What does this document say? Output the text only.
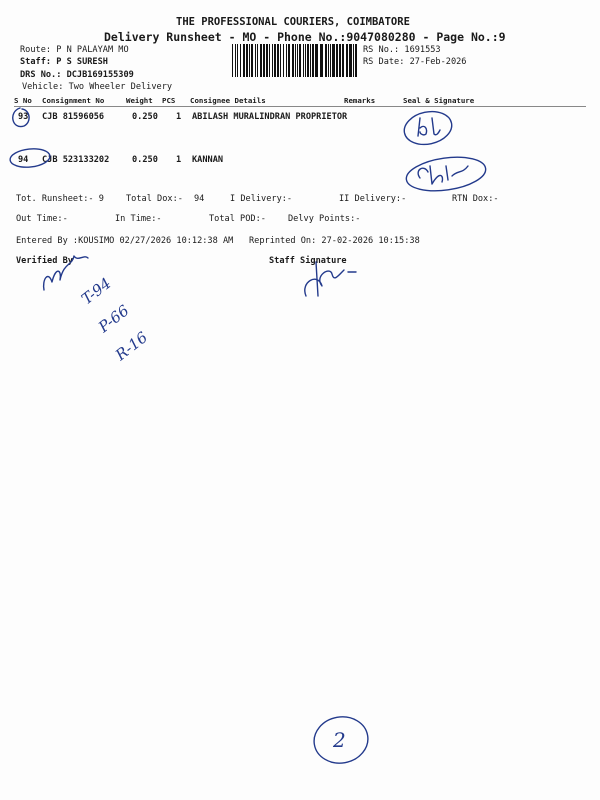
THE PROFESSIONAL COURIERS, COIMBATORE
Delivery Runsheet - MO - Phone No.:9047080280 - Page No.:9
Route: P N PALAYAM MO
Staff: P S SURESH
DRS No.: DCJB169155309
Vehicle: Two Wheeler Delivery
RS No.: 1691553
RS Date: 27-Feb-2026
S No Consignment No	Weight PCS Consignee Details	Remarks	Seal & Signature
93 CJB 81596056	0.250 1 ABILASH MURALINDRAN PROPRIETOR
94 CJB 523133202	0.250 1 KANNAN
Tot. Runsheet:- 9	Total Dox:- 94	I Delivery:-	II Delivery:-	RTN Dox:-
Out Time:-	In Time:-	Total POD:-	Delvy Points:-
Entered By :KOUSIMO 02/27/2026 10:12:38 AM Reprinted On: 27-02-2026 10:15:38
Verified By	Staff Signature
T-94
P-66
R-16
2
